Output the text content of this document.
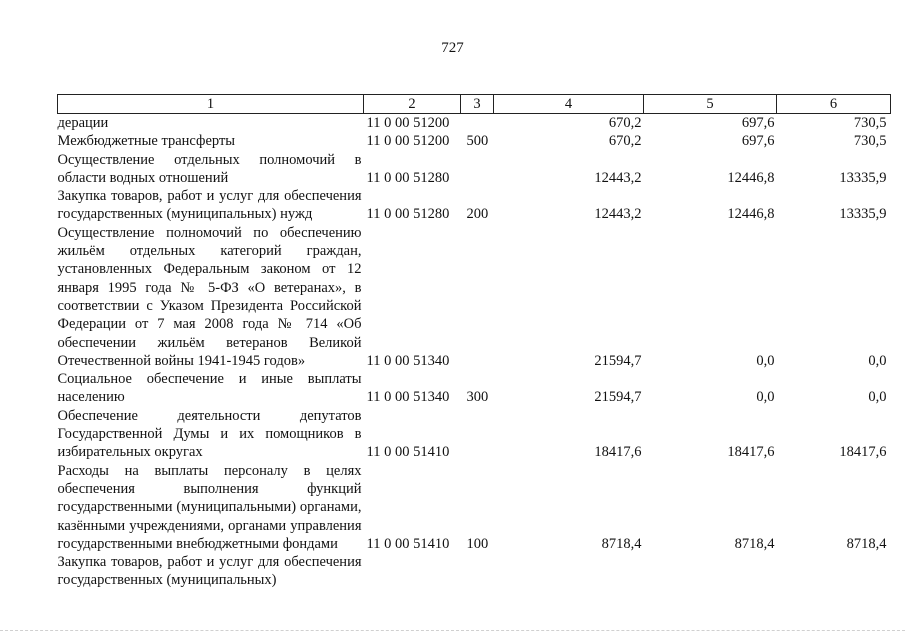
727
1	2	3	4	5	6
дерации	11 0 00 51200		670,2	697,6	730,5
Межбюджетные трансферты	11 0 00 51200	500	670,2	697,6	730,5
Осуществление отдельных полномочий в области водных отношений	11 0 00 51280		12443,2	12446,8	13335,9
Закупка товаров, работ и услуг для обеспечения государственных (муниципальных) нужд	11 0 00 51280	200	12443,2	12446,8	13335,9
Осуществление полномочий по обеспечению жильём отдельных категорий граждан, установленных Федеральным законом от 12 января 1995 года № 5-ФЗ «О ветеранах», в соответствии с Указом Президента Российской Федерации от 7 мая 2008 года № 714 «Об обеспечении жильём ветеранов Великой Отечественной войны 1941-1945 годов»	11 0 00 51340		21594,7	0,0	0,0
Социальное обеспечение и иные выплаты населению	11 0 00 51340	300	21594,7	0,0	0,0
Обеспечение деятельности депутатов Государственной Думы и их помощников в избирательных округах	11 0 00 51410		18417,6	18417,6	18417,6
Расходы на выплаты персоналу в целях обеспечения выполнения функций государственными (муниципальными) органами, казёнными учреждениями, органами управления государственными внебюджетными фондами	11 0 00 51410	100	8718,4	8718,4	8718,4
Закупка товаров, работ и услуг для обеспечения государственных (муниципальных)					
